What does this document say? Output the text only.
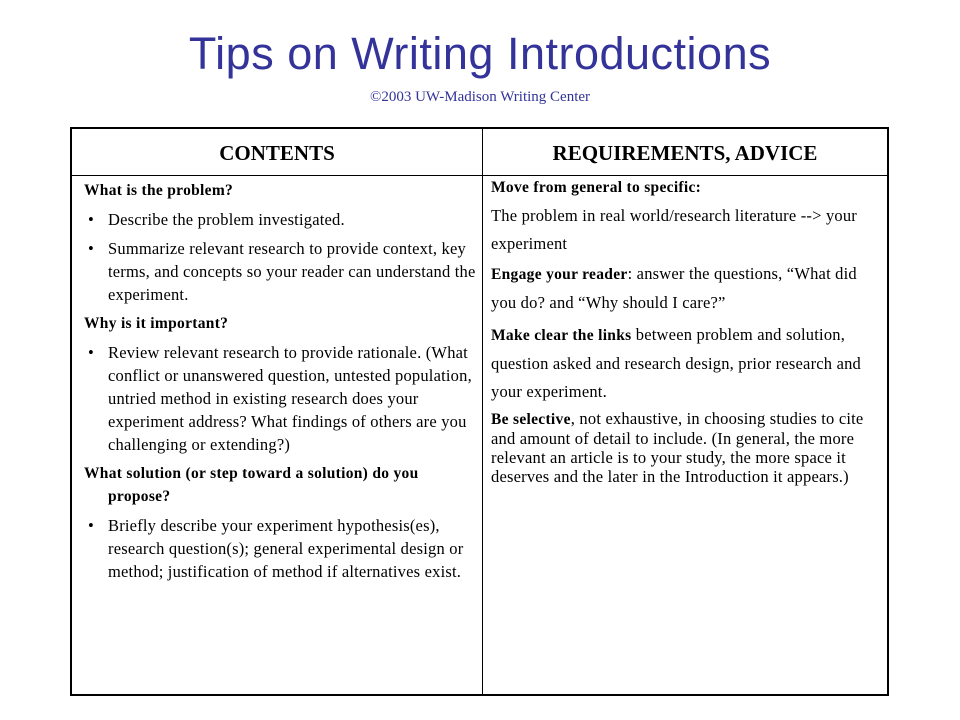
Tips on Writing Introductions
©2003 UW-Madison Writing Center
CONTENTS	REQUIREMENTS, ADVICE

What is the problem?

• Describe the problem investigated.
• Summarize relevant research to provide context, key terms, and concepts so your reader can understand the experiment.

Why is it important?

• Review relevant research to provide rationale. (What conflict or unanswered question, untested population, untried method in existing research does your experiment address? What findings of others are you challenging or extending?)

What solution (or step toward a solution) do you propose?

• Briefly describe your experiment hypothesis(es), research question(s); general experimental design or method; justification of method if alternatives exist.

Move from general to specific:
The problem in real world/research literature --> your experiment

Engage your reader: answer the questions, “What did you do? and “Why should I care?”

Make clear the links between problem and solution, question asked and research design, prior research and your experiment.

Be selective, not exhaustive, in choosing studies to cite and amount of detail to include. (In general, the more relevant an article is to your study, the more space it deserves and the later in the Introduction it appears.)
